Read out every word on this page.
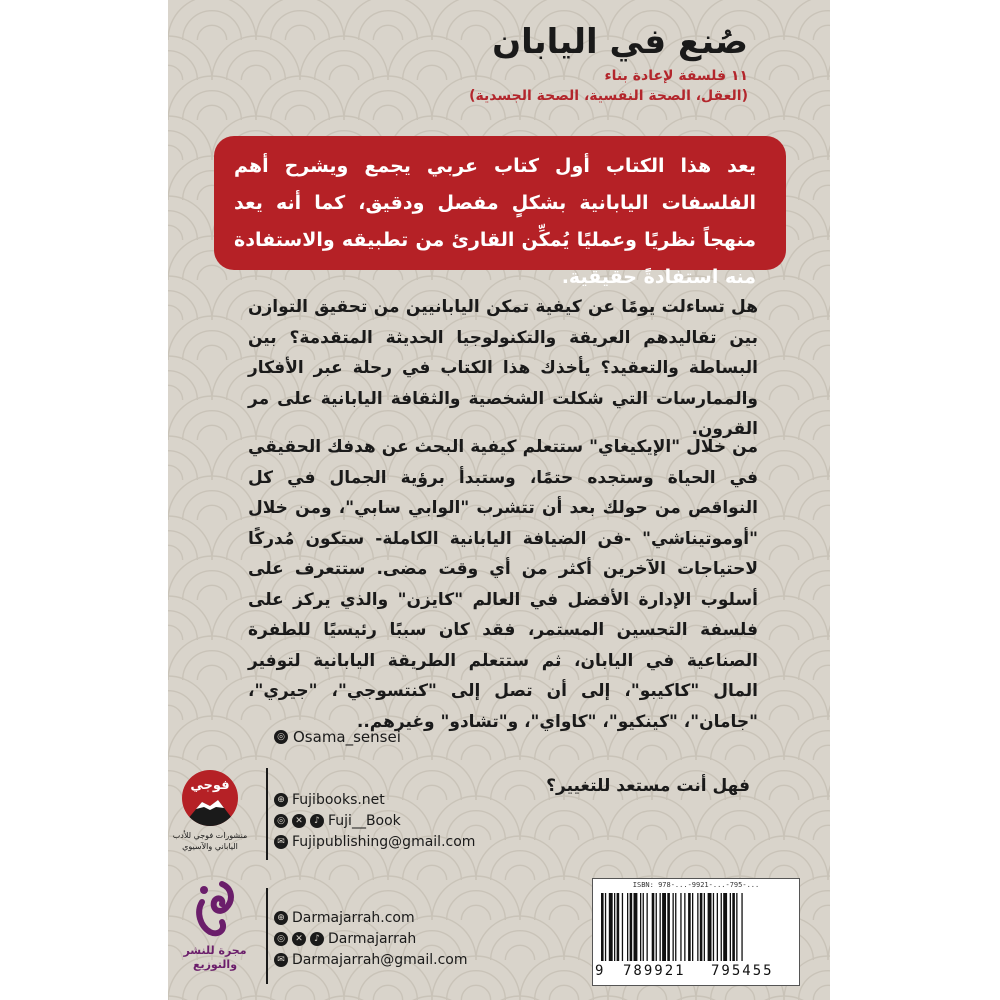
صُنع في اليابان
١١ فلسفة لإعادة بناء
(العقل، الصحة النفسية، الصحة الجسدية)

يعد هذا الكتاب أول كتاب عربي يجمع ويشرح أهم الفلسفات اليابانية بشكلٍ مفصل ودقيق، كما أنه يعد منهجاً نظريًا وعمليًا يُمكِّن القارئ من تطبيقه والاستفادة منه استفادةً حقيقية.

هل تساءلت يومًا عن كيفية تمكن اليابانيين من تحقيق التوازن بين تقاليدهم العريقة والتكنولوجيا الحديثة المتقدمة؟ بين البساطة والتعقيد؟ يأخذك هذا الكتاب في رحلة عبر الأفكار والممارسات التي شكلت الشخصية والثقافة اليابانية على مر القرون.

من خلال "الإيكيغاي" ستتعلم كيفية البحث عن هدفك الحقيقي في الحياة وستجده حتمًا، وستبدأ برؤية الجمال في كل النواقص من حولك بعد أن تتشرب "الوابي سابي"، ومن خلال "أوموتيناشي" -فن الضيافة اليابانية الكاملة- ستكون مُدركًا لاحتياجات الآخرين أكثر من أي وقت مضى. ستتعرف على أسلوب الإدارة الأفضل في العالم "كايزن" والذي يركز على فلسفة التحسين المستمر، فقد كان سببًا رئيسيًا للطفرة الصناعية في اليابان، ثم ستتعلم الطريقة اليابانية لتوفير المال "كاكيبو"، إلى أن تصل إلى "كنتسوجي"، "جيري"، "جامان"، "كينكيو"، "كاواي"، و"تشادو" وغيرهم..

◎ Osama_sensei
فهل أنت مستعد للتغيير؟
فوجي
منشورات فوجي للأدب الياباني والآسيوي
⊕ Fujibooks.net
◎	✕	♪ Fuji__Book
✉ Fujipublishing@gmail.com
مجرة للنشر والتوزيع
⊕ Darmajarrah.com
◎	✕	♪ Darmajarrah
✉ Darmajarrah@gmail.com
ISBN: 978-...-9921-...-795-...
9 789921 795455
